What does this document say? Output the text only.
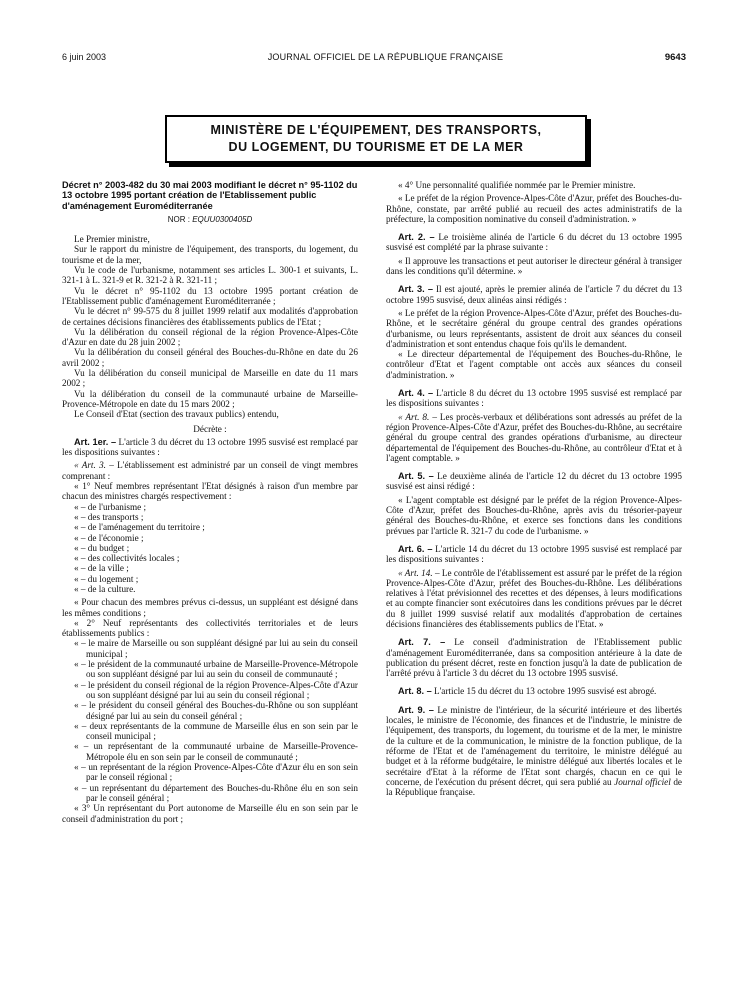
6 juin 2003	JOURNAL OFFICIEL DE LA RÉPUBLIQUE FRANÇAISE	9643
MINISTÈRE DE L'ÉQUIPEMENT, DES TRANSPORTS,
DU LOGEMENT, DU TOURISME ET DE LA MER
Décret n° 2003-482 du 30 mai 2003 modifiant le décret n° 95-1102 du 13 octobre 1995 portant création de l'Etablissement public d'aménagement Euroméditerranée
NOR : EQUU0300405D

Le Premier ministre,

Sur le rapport du ministre de l'équipement, des transports, du logement, du tourisme et de la mer,

Vu le code de l'urbanisme, notamment ses articles L. 300-1 et suivants, L. 321-1 à L. 321-9 et R. 321-2 à R. 321-11 ;

Vu le décret n° 95-1102 du 13 octobre 1995 portant création de l'Etablissement public d'aménagement Euroméditerranée ;

Vu le décret n° 99-575 du 8 juillet 1999 relatif aux modalités d'approbation de certaines décisions financières des établissements publics de l'Etat ;

Vu la délibération du conseil régional de la région Provence-Alpes-Côte d'Azur en date du 28 juin 2002 ;

Vu la délibération du conseil général des Bouches-du-Rhône en date du 26 avril 2002 ;

Vu la délibération du conseil municipal de Marseille en date du 11 mars 2002 ;

Vu la délibération du conseil de la communauté urbaine de Marseille-Provence-Métropole en date du 15 mars 2002 ;

Le Conseil d'Etat (section des travaux publics) entendu,

Décrète :

Art. 1er. – L'article 3 du décret du 13 octobre 1995 susvisé est remplacé par les dispositions suivantes :

« Art. 3. – L'établissement est administré par un conseil de vingt membres comprenant :

« 1° Neuf membres représentant l'Etat désignés à raison d'un membre par chacun des ministres chargés respectivement :

« – de l'urbanisme ;

« – des transports ;

« – de l'aménagement du territoire ;

« – de l'économie ;

« – du budget ;

« – des collectivités locales ;

« – de la ville ;

« – du logement ;

« – de la culture.

« Pour chacun des membres prévus ci-dessus, un suppléant est désigné dans les mêmes conditions ;

« 2° Neuf représentants des collectivités territoriales et de leurs établissements publics :

« – le maire de Marseille ou son suppléant désigné par lui au sein du conseil municipal ;

« – le président de la communauté urbaine de Marseille-Provence-Métropole ou son suppléant désigné par lui au sein du conseil de communauté ;

« – le président du conseil régional de la région Provence-Alpes-Côte d'Azur ou son suppléant désigné par lui au sein du conseil régional ;

« – le président du conseil général des Bouches-du-Rhône ou son suppléant désigné par lui au sein du conseil général ;

« – deux représentants de la commune de Marseille élus en son sein par le conseil municipal ;

« – un représentant de la communauté urbaine de Marseille-Provence-Métropole élu en son sein par le conseil de communauté ;

« – un représentant de la région Provence-Alpes-Côte d'Azur élu en son sein par le conseil régional ;

« – un représentant du département des Bouches-du-Rhône élu en son sein par le conseil général ;

« 3° Un représentant du Port autonome de Marseille élu en son sein par le conseil d'administration du port ;

« 4° Une personnalité qualifiée nommée par le Premier ministre.

« Le préfet de la région Provence-Alpes-Côte d'Azur, préfet des Bouches-du-Rhône, constate, par arrêté publié au recueil des actes administratifs de la préfecture, la composition nominative du conseil d'administration. »

Art. 2. – Le troisième alinéa de l'article 6 du décret du 13 octobre 1995 susvisé est complété par la phrase suivante :

« Il approuve les transactions et peut autoriser le directeur général à transiger dans les conditions qu'il détermine. »

Art. 3. – Il est ajouté, après le premier alinéa de l'article 7 du décret du 13 octobre 1995 susvisé, deux alinéas ainsi rédigés :

« Le préfet de la région Provence-Alpes-Côte d'Azur, préfet des Bouches-du-Rhône, et le secrétaire général du groupe central des grandes opérations d'urbanisme, ou leurs représentants, assistent de droit aux séances du conseil d'administration et sont entendus chaque fois qu'ils le demandent.

« Le directeur départemental de l'équipement des Bouches-du-Rhône, le contrôleur d'Etat et l'agent comptable ont accès aux séances du conseil d'administration. »

Art. 4. – L'article 8 du décret du 13 octobre 1995 susvisé est remplacé par les dispositions suivantes :

« Art. 8. – Les procès-verbaux et délibérations sont adressés au préfet de la région Provence-Alpes-Côte d'Azur, préfet des Bouches-du-Rhône, au secrétaire général du groupe central des grandes opérations d'urbanisme, au directeur départemental de l'équipement des Bouches-du-Rhône, au contrôleur d'Etat et à l'agent comptable. »

Art. 5. – Le deuxième alinéa de l'article 12 du décret du 13 octobre 1995 susvisé est ainsi rédigé :

« L'agent comptable est désigné par le préfet de la région Provence-Alpes-Côte d'Azur, préfet des Bouches-du-Rhône, après avis du trésorier-payeur général des Bouches-du-Rhône, et exerce ses fonctions dans les conditions prévues par l'article R. 321-7 du code de l'urbanisme. »

Art. 6. – L'article 14 du décret du 13 octobre 1995 susvisé est remplacé par les dispositions suivantes :

« Art. 14. – Le contrôle de l'établissement est assuré par le préfet de la région Provence-Alpes-Côte d'Azur, préfet des Bouches-du-Rhône. Les délibérations relatives à l'état prévisionnel des recettes et des dépenses, à leurs modifications et au compte financier sont exécutoires dans les conditions prévues par le décret du 8 juillet 1999 susvisé relatif aux modalités d'approbation de certaines décisions financières des établissements publics de l'Etat. »

Art. 7. – Le conseil d'administration de l'Etablissement public d'aménagement Euroméditerranée, dans sa composition antérieure à la date de publication du présent décret, reste en fonction jusqu'à la date de publication de l'arrêté prévu à l'article 3 du décret du 13 octobre 1995 susvisé.

Art. 8. – L'article 15 du décret du 13 octobre 1995 susvisé est abrogé.

Art. 9. – Le ministre de l'intérieur, de la sécurité intérieure et des libertés locales, le ministre de l'économie, des finances et de l'industrie, le ministre de l'équipement, des transports, du logement, du tourisme et de la mer, le ministre de la culture et de la communication, le ministre de la fonction publique, de la réforme de l'Etat et de l'aménagement du territoire, le ministre délégué au budget et à la réforme budgétaire, le ministre délégué aux libertés locales et le secrétaire d'Etat à la réforme de l'Etat sont chargés, chacun en ce qui le concerne, de l'exécution du présent décret, qui sera publié au Journal officiel de la République française.
